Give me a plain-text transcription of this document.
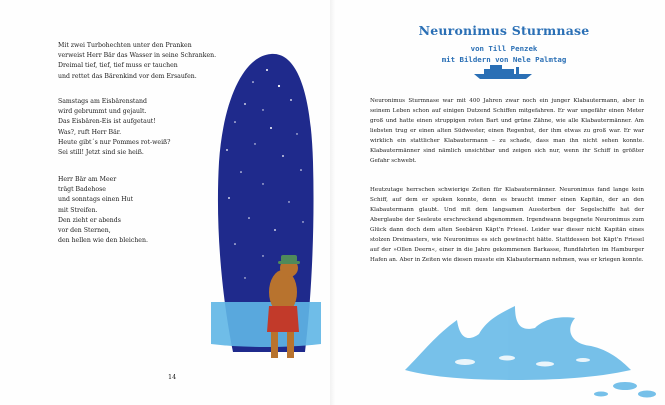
Mit zwei Turbohechten unter den Pranken
verweist Herr Bär das Wasser in seine Schranken.
Dreimal tief, tief, tief muss er tauchen
und rettet das Bärenkind vor dem Ersaufen.
Samstags am Eisbärenstand
wird gebrummt und gejault.
Das Eisbären-Eis ist aufgetaut!
Was?, ruft Herr Bär.
Heute gibt´s nur Pommes rot-weiß?
Sei still! Jetzt sind sie heiß.
Herr Bär am Meer
trägt Badehose
und sonntags einen Hut
mit Streifen.
Den zieht er abends
vor den Sternen,
den hellen wie den bleichen.
14
Neuronimus Sturmnase
von Till Penzek
mit Bildern von Nele Palmtag
Neuronimus Sturmnase war mit 400 Jahren zwar noch ein junger Klabautermann, aber in seinem Leben schon auf einigen Dutzend Schiffen mitgefahren. Er war ungefähr einen Meter groß und hatte einen struppigen roten Bart und grüne Zähne, wie alle Klabautermänner. Am liebsten trug er einen alten Südwester, einen Regenhut, der ihm etwas zu groß war. Er war wirklich ein stattlicher Klabautermann – zu schade, dass man ihn nicht sehen konnte. Klabautermänner sind nämlich unsichtbar und zeigen sich nur, wenn ihr Schiff in größter Gefahr schwebt.
Heutzutage herrschen schwierige Zeiten für Klabautermänner. Neuronimus fand lange kein Schiff, auf dem er spuken konnte, denn es braucht immer einen Kapitän, der an den Klabautermann glaubt. Und mit dem langsamen Aussterben der Segelschiffe hat der Aberglaube der Seeleute erschreckend abgenommen. Irgendwann begegnete Neuronimus zum Glück dann doch dem alten Seebären Käpt’n Friesel. Leider war dieser nicht Kapitän eines stolzen Dreimasters, wie Neuronimus es sich gewünscht hätte. Stattdessen bot Käpt’n Friesel auf der »Ollen Deern«, einer in die Jahre gekommenen Barkasse, Rundfahrten im Hamburger Hafen an. Aber in Zeiten wie diesen musste ein Klabautermann nehmen, was er kriegen konnte.
